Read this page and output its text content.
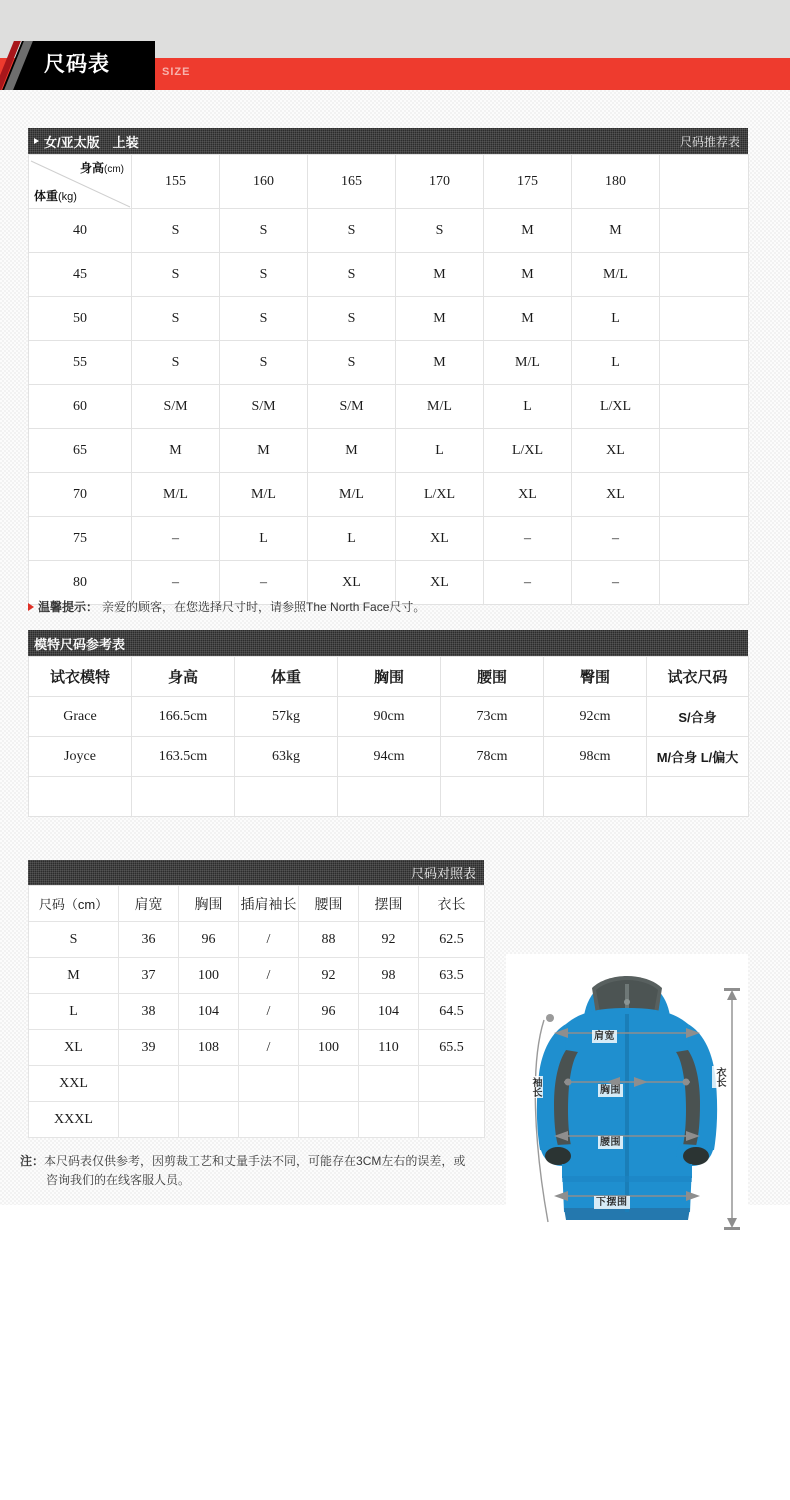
尺码表	SIZE
女/亚太版	上装	尺码推荐表
身高(cm)
体重(kg)	155	160	165	170	175	180	
40	S	S	S	S	M	M	
45	S	S	S	M	M	M/L	
50	S	S	S	M	M	L	
55	S	S	S	M	M/L	L	
60	S/M	S/M	S/M	M/L	L	L/XL	
65	M	M	M	L	L/XL	XL	
70	M/L	M/L	M/L	L/XL	XL	XL	
75	–	L	L	XL	–	–	
80	–	–	XL	XL	–	–	
温馨提示： 亲爱的顾客，在您选择尺寸时，请参照The North Face尺寸。
模特尺码参考表
试衣模特	身高	体重	胸围	腰围	臀围	试衣尺码
Grace	166.5cm	57kg	90cm	73cm	92cm	S/合身
Joyce	163.5cm	63kg	94cm	78cm	98cm	M/合身 L/偏大

尺码对照表
尺码（cm）	肩宽	胸围	插肩袖长	腰围	摆围	衣长
S	36	96	/	88	92	62.5
M	37	100	/	92	98	63.5
L	38	104	/	96	104	64.5
XL	39	108	/	100	110	65.5
XXL						
XXXL						
肩宽
胸围
腰围
下摆围
袖长	衣长
注：本尺码表仅供参考，因剪裁工艺和丈量手法不同，可能存在3CM左右的误差，或
咨询我们的在线客服人员。
